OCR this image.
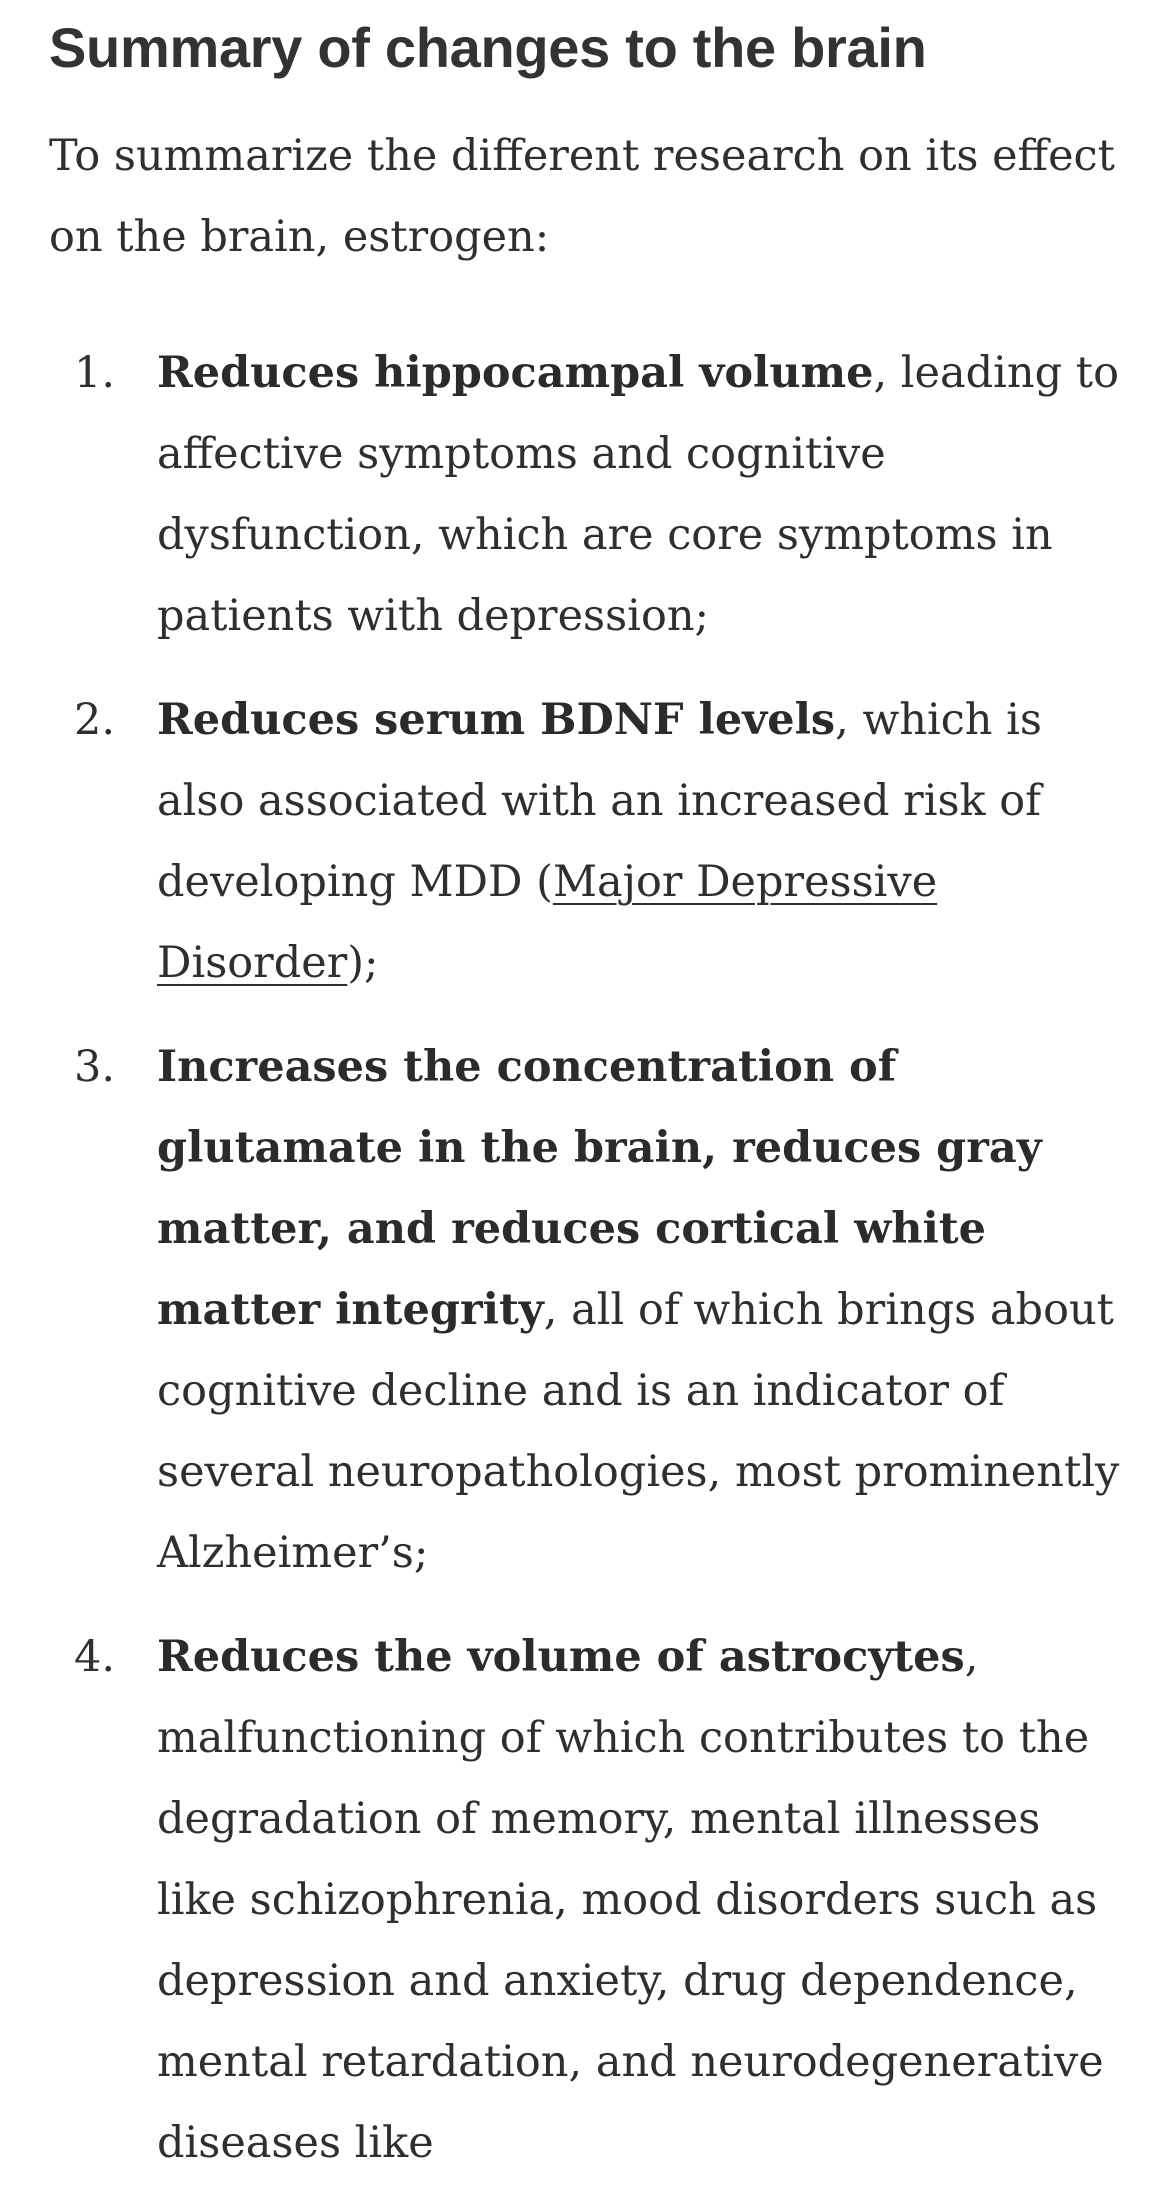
Summary of changes to the brain

To summarize the different research on its effect on the brain, estrogen:

1. Reduces hippocampal volume, leading to affective symptoms and cognitive dysfunction, which are core symptoms in patients with depression;
2. Reduces serum BDNF levels, which is also associated with an increased risk of developing MDD (Major Depressive Disorder);
3. Increases the concentration of glutamate in the brain, reduces gray matter, and reduces cortical white matter integrity, all of which brings about cognitive decline and is an indicator of several neuropathologies, most prominently Alzheimer’s;
4. Reduces the volume of astrocytes, malfunctioning of which contributes to the degradation of memory, mental illnesses like schizophrenia, mood disorders such as depression and anxiety, drug dependence, mental retardation, and neurodegenerative diseases like
